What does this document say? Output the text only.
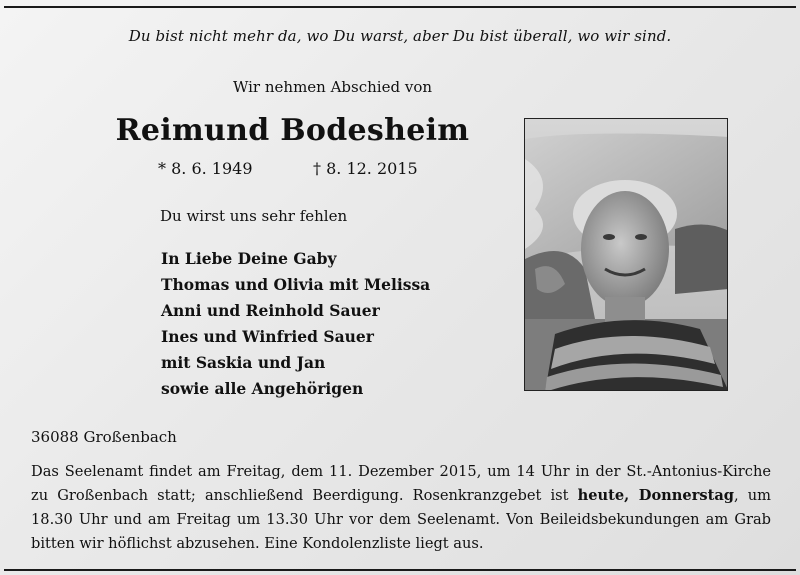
Du bist nicht mehr da, wo Du warst, aber Du bist überall, wo wir sind.
Wir nehmen Abschied von
Reimund Bodesheim
* 8. 6. 1949	† 8. 12. 2015
Du wirst uns sehr fehlen
In Liebe Deine Gaby
Thomas und Olivia mit Melissa
Anni und Reinhold Sauer
Ines und Winfried Sauer
mit Saskia und Jan
sowie alle Angehörigen
36088 Großenbach

Das Seelenamt findet am Freitag, dem 11. Dezember 2015, um 14 Uhr in der St.-Antonius-Kirche zu Großenbach statt; anschließend Beerdigung. Rosenkranzgebet ist heute, Donnerstag, um 18.30 Uhr und am Freitag um 13.30 Uhr vor dem Seelenamt. Von Beileidsbekundungen am Grab bitten wir höflichst abzusehen. Eine Kondolenzliste liegt aus.
